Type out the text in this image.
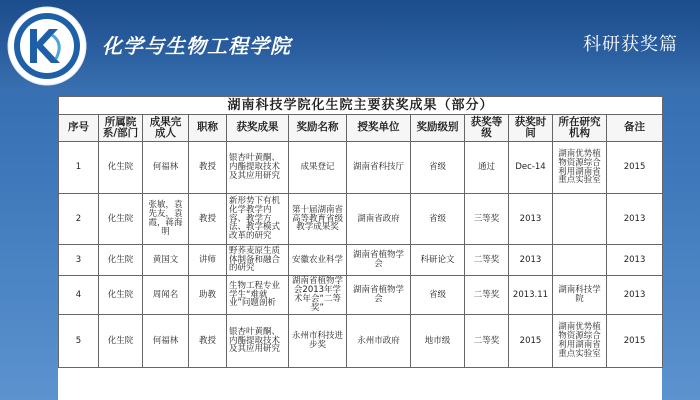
化学与生物工程学院	科研获奖篇
湖南科技学院化生院主要获奖成果（部分）											
序号	所属院系/部门	成果完成人	职称	获奖成果	奖励名称	授奖单位	奖励级别	获奖等级	获奖时间	所在研究机构	备注
1	化生院	何福林	教授	银杏叶黄酮、内酯提取技术及其应用研究	成果登记	湖南省科技厅	省级	通过	Dec-14	湖南优势植物资源综合利用湖南省重点实验室	2015
2	化生院	张敏，袁先友，袁霞，蒋海明	教授	新形势下有机化学教学内容、教学方法、教学模式改革的研究	第十届湖南省高等教育省级教学成果奖	湖南省政府	省级	三等奖	2013		2013
3	化生院	黄国文	讲师	野荞麦原生质体制备和融合的研究	安徽农业科学	湖南省植物学会	科研论文	二等奖	2013		2013
4	化生院	周闻名	助教	生物工程专业学生“难就业”问题剖析	湖南省植物学会2013年学术年会“二等奖”	湖南省植物学会	省级	二等奖	2013.11	湖南科技学院	2013
5	化生院	何福林	教授	银杏叶黄酮、内酯提取技术及其应用研究	永州市科技进步奖	永州市政府	地市级	二等奖	2015	湖南优势植物资源综合利用湖南省重点实验室	2015
